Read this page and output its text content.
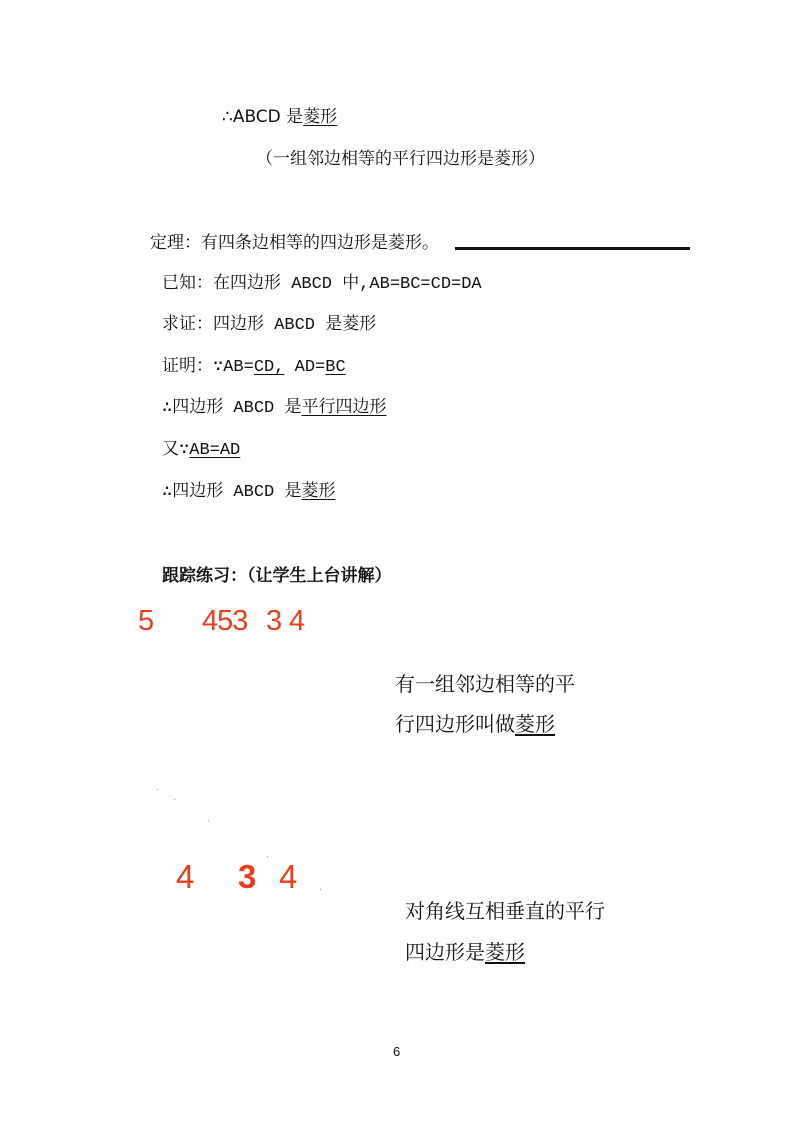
∴ABCD 是菱形
（一组邻边相等的平行四边形是菱形）
定理：有四条边相等的四边形是菱形。
已知：在四边形 ABCD 中,AB=BC=CD=DA
求证：四边形 ABCD 是菱形
证明：∵AB=CD, AD=BC
∴四边形 ABCD 是平行四边形
又∵AB=AD
∴四边形 ABCD 是菱形
跟踪练习：（让学生上台讲解）
5 453 3 4
有一组邻边相等的平
行四边形叫做菱形
4 3 4
对角线互相垂直的平行
四边形是菱形
6
